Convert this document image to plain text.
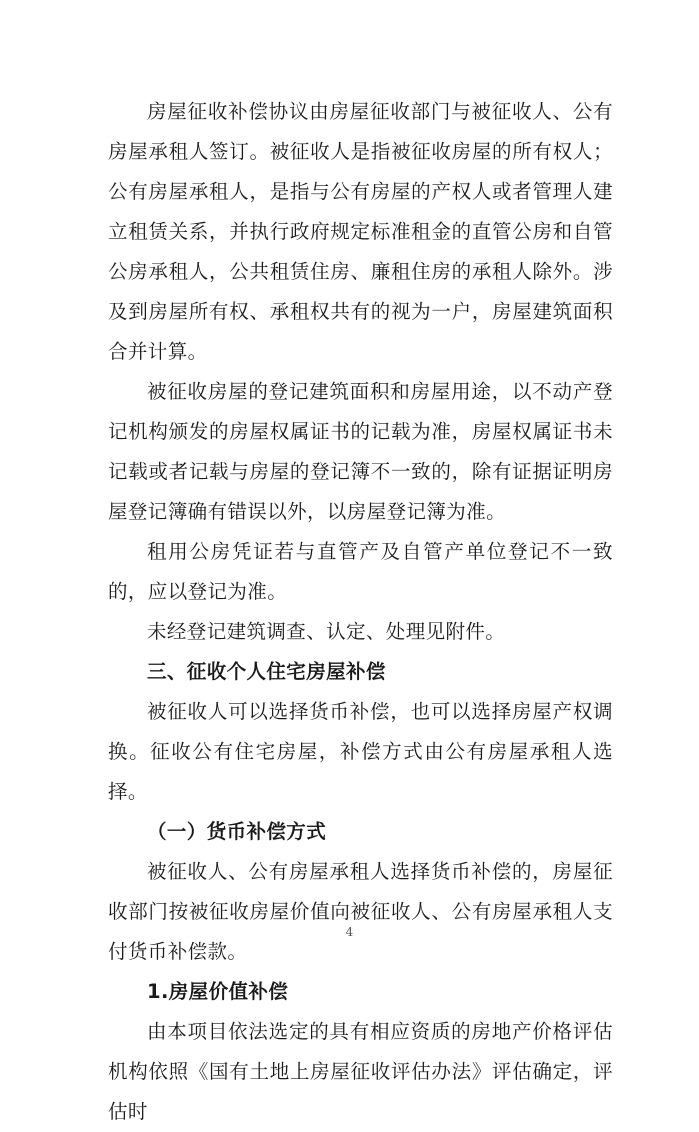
房屋征收补偿协议由房屋征收部门与被征收人、公有房屋承租人签订。被征收人是指被征收房屋的所有权人；公有房屋承租人，是指与公有房屋的产权人或者管理人建立租赁关系，并执行政府规定标准租金的直管公房和自管公房承租人，公共租赁住房、廉租住房的承租人除外。涉及到房屋所有权、承租权共有的视为一户，房屋建筑面积合并计算。

被征收房屋的登记建筑面积和房屋用途，以不动产登记机构颁发的房屋权属证书的记载为准，房屋权属证书未记载或者记载与房屋的登记簿不一致的，除有证据证明房屋登记簿确有错误以外，以房屋登记簿为准。

租用公房凭证若与直管产及自管产单位登记不一致的，应以登记为准。

未经登记建筑调查、认定、处理见附件。

三、征收个人住宅房屋补偿

被征收人可以选择货币补偿，也可以选择房屋产权调换。征收公有住宅房屋，补偿方式由公有房屋承租人选择。

（一）货币补偿方式

被征收人、公有房屋承租人选择货币补偿的，房屋征收部门按被征收房屋价值向被征收人、公有房屋承租人支付货币补偿款。

1.房屋价值补偿

由本项目依法选定的具有相应资质的房地产价格评估机构依照《国有土地上房屋征收评估办法》评估确定，评估时

4
